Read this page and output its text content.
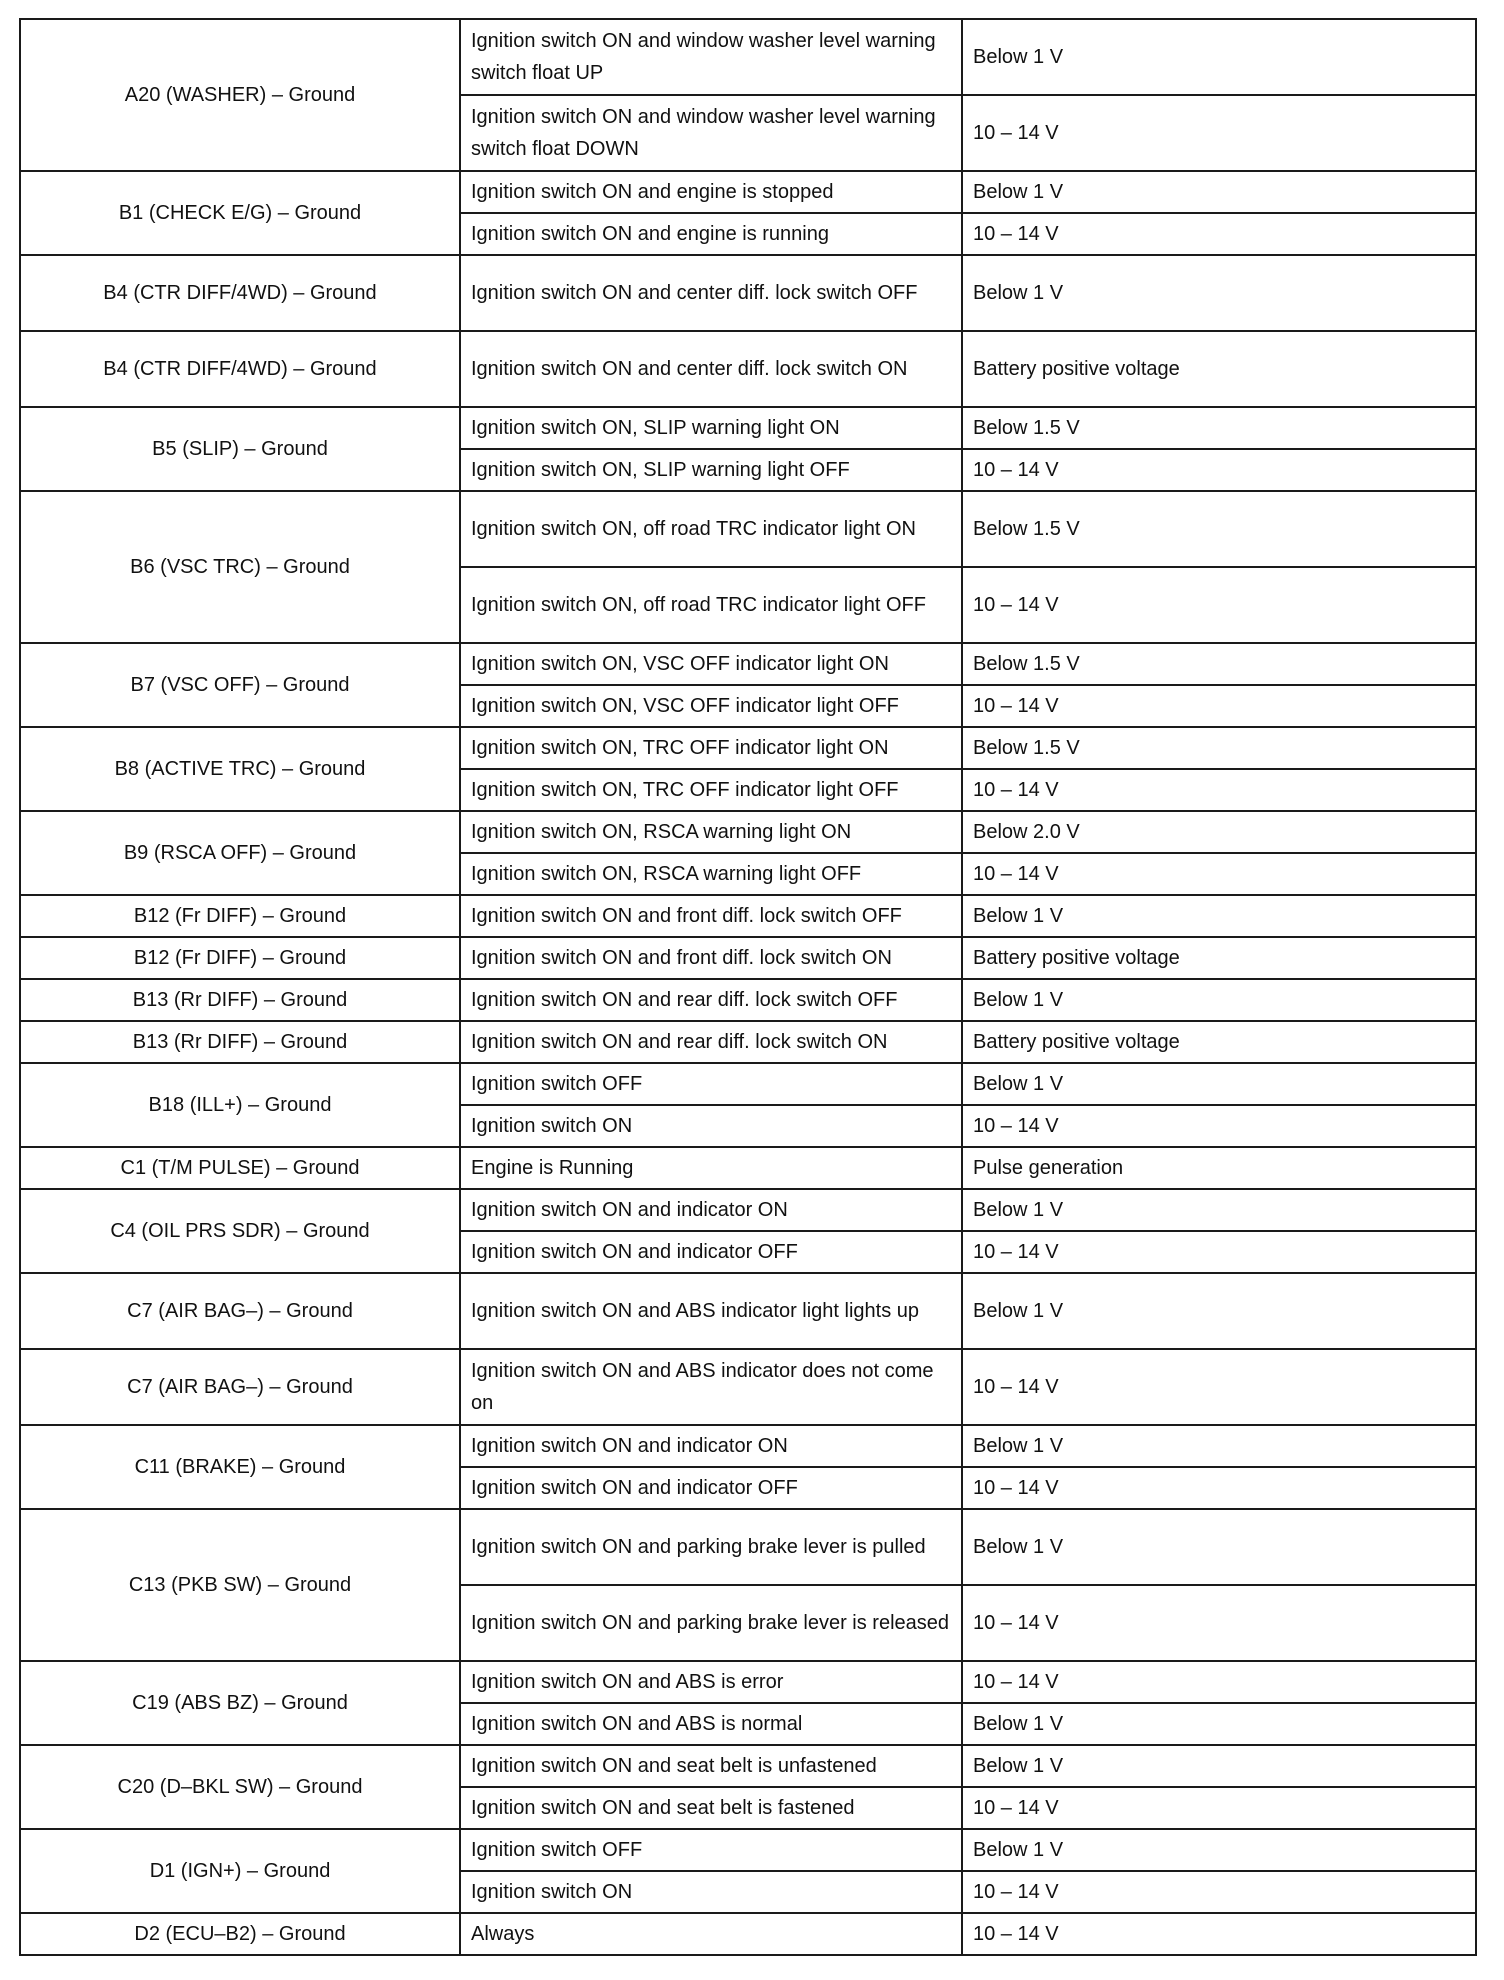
A20 (WASHER) – Ground	Ignition switch ON and window washer level warning switch float UP	Below 1 V
	Ignition switch ON and window washer level warning switch float DOWN	10 – 14 V
B1 (CHECK E/G) – Ground	Ignition switch ON and engine is stopped	Below 1 V
	Ignition switch ON and engine is running	10 – 14 V
B4 (CTR DIFF/4WD) – Ground	Ignition switch ON and center diff. lock switch OFF	Below 1 V
B4 (CTR DIFF/4WD) – Ground	Ignition switch ON and center diff. lock switch ON	Battery positive voltage
B5 (SLIP) – Ground	Ignition switch ON, SLIP warning light ON	Below 1.5 V
	Ignition switch ON, SLIP warning light OFF	10 – 14 V
B6 (VSC TRC) – Ground	Ignition switch ON, off road TRC indicator light ON	Below 1.5 V
	Ignition switch ON, off road TRC indicator light OFF	10 – 14 V
B7 (VSC OFF) – Ground	Ignition switch ON, VSC OFF indicator light ON	Below 1.5 V
	Ignition switch ON, VSC OFF indicator light OFF	10 – 14 V
B8 (ACTIVE TRC) – Ground	Ignition switch ON, TRC OFF indicator light ON	Below 1.5 V
	Ignition switch ON, TRC OFF indicator light OFF	10 – 14 V
B9 (RSCA OFF) – Ground	Ignition switch ON, RSCA warning light ON	Below 2.0 V
	Ignition switch ON, RSCA warning light OFF	10 – 14 V
B12 (Fr DIFF) – Ground	Ignition switch ON and front diff. lock switch OFF	Below 1 V
B12 (Fr DIFF) – Ground	Ignition switch ON and front diff. lock switch ON	Battery positive voltage
B13 (Rr DIFF) – Ground	Ignition switch ON and rear diff. lock switch OFF	Below 1 V
B13 (Rr DIFF) – Ground	Ignition switch ON and rear diff. lock switch ON	Battery positive voltage
B18 (ILL+) – Ground	Ignition switch OFF	Below 1 V
	Ignition switch ON	10 – 14 V
C1 (T/M PULSE) – Ground	Engine is Running	Pulse generation
C4 (OIL PRS SDR) – Ground	Ignition switch ON and indicator ON	Below 1 V
	Ignition switch ON and indicator OFF	10 – 14 V
C7 (AIR BAG–) – Ground	Ignition switch ON and ABS indicator light lights up	Below 1 V
C7 (AIR BAG–) – Ground	Ignition switch ON and ABS indicator does not come on	10 – 14 V
C11 (BRAKE) – Ground	Ignition switch ON and indicator ON	Below 1 V
	Ignition switch ON and indicator OFF	10 – 14 V
C13 (PKB SW) – Ground	Ignition switch ON and parking brake lever is pulled	Below 1 V
	Ignition switch ON and parking brake lever is released	10 – 14 V
C19 (ABS BZ) – Ground	Ignition switch ON and ABS is error	10 – 14 V
	Ignition switch ON and ABS is normal	Below 1 V
C20 (D–BKL SW) – Ground	Ignition switch ON and seat belt is unfastened	Below 1 V
	Ignition switch ON and seat belt is fastened	10 – 14 V
D1 (IGN+) – Ground	Ignition switch OFF	Below 1 V
	Ignition switch ON	10 – 14 V
D2 (ECU–B2) – Ground	Always	10 – 14 V
